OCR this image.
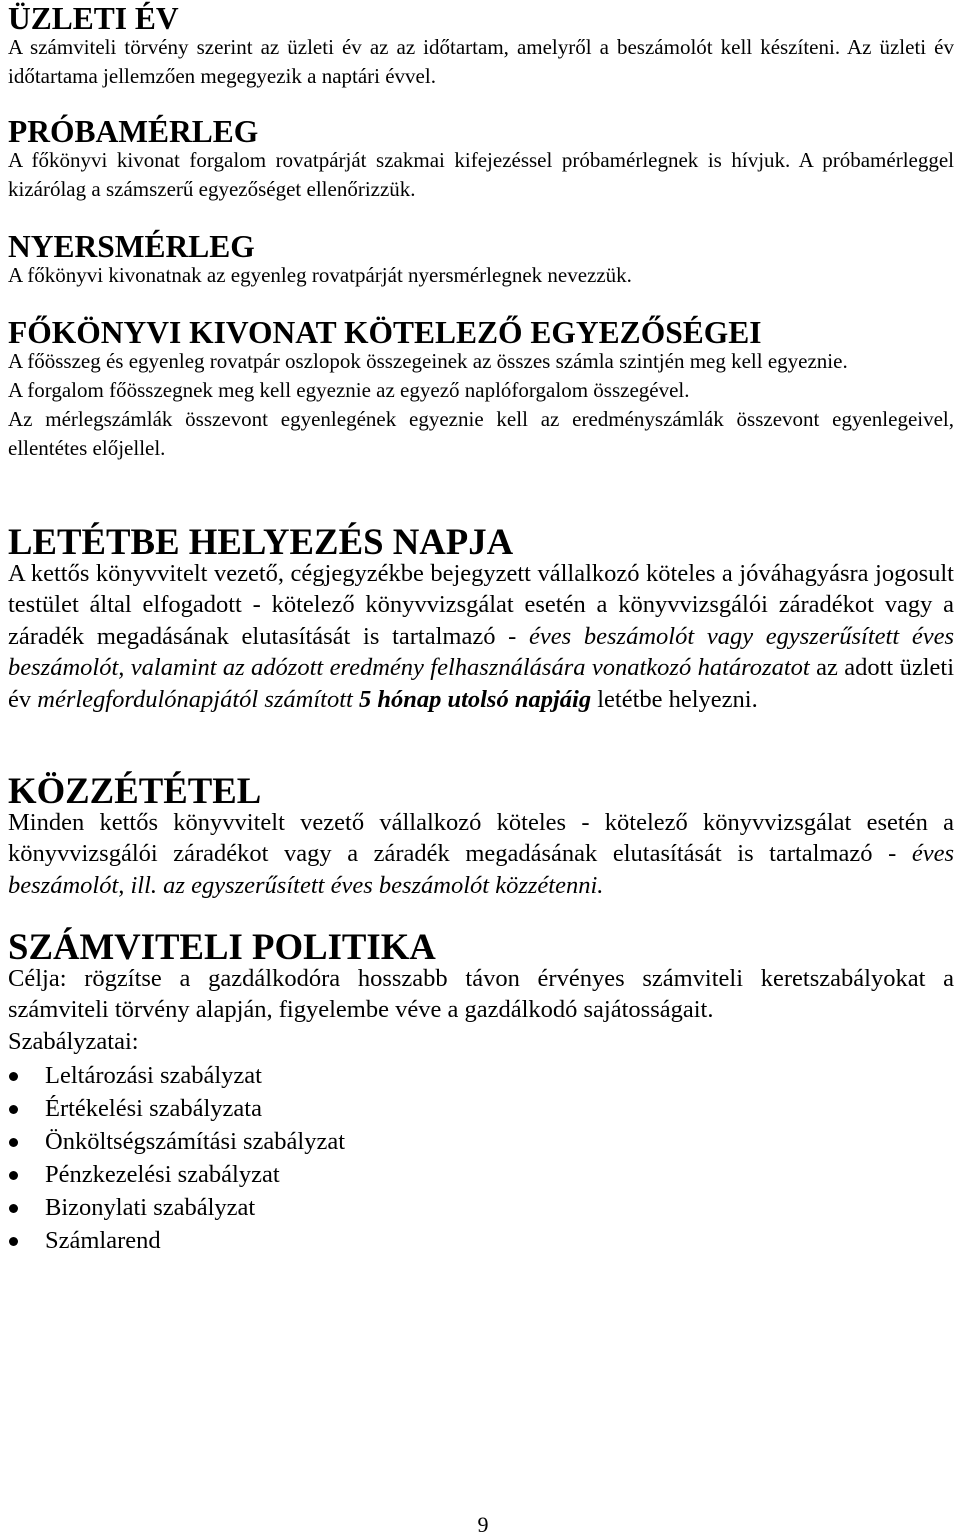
ÜZLETI ÉV

A számviteli törvény szerint az üzleti év az az időtartam, amelyről a beszámolót kell készíteni. Az üzleti év időtartama jellemzően megegyezik a naptári évvel.

PRÓBAMÉRLEG

A főkönyvi kivonat forgalom rovatpárját szakmai kifejezéssel próbamérlegnek is hívjuk. A próbamérleggel kizárólag a számszerű egyezőséget ellenőrizzük.

NYERSMÉRLEG

A főkönyvi kivonatnak az egyenleg rovatpárját nyersmérlegnek nevezzük.

FŐKÖNYVI KIVONAT KÖTELEZŐ EGYEZŐSÉGEI

A főösszeg és egyenleg rovatpár oszlopok összegeinek az összes számla szintjén meg kell egyeznie.

A forgalom főösszegnek meg kell egyeznie az egyező naplóforgalom összegével.

Az mérlegszámlák összevont egyenlegének egyeznie kell az eredményszámlák összevont egyenlegeivel, ellentétes előjellel.

LETÉTBE HELYEZÉS NAPJA

A kettős könyvvitelt vezető, cégjegyzékbe bejegyzett vállalkozó köteles a jóváhagyásra jogosult testület által elfogadott - kötelező könyvvizsgálat esetén a könyvvizsgálói záradékot vagy a záradék megadásának elutasítását is tartalmazó - éves beszámolót vagy egyszerűsített éves beszámolót, valamint az adózott eredmény felhasználására vonatkozó határozatot az adott üzleti év mérlegfordulónapjától számított 5 hónap utolsó napjáig letétbe helyezni.

KÖZZÉTÉTEL

Minden kettős könyvvitelt vezető vállalkozó köteles - kötelező könyvvizsgálat esetén a könyvvizsgálói záradékot vagy a záradék megadásának elutasítását is tartalmazó - éves beszámolót, ill. az egyszerűsített éves beszámolót közzétenni.

SZÁMVITELI POLITIKA

Célja: rögzítse a gazdálkodóra hosszabb távon érvényes számviteli keretszabályokat a számviteli törvény alapján, figyelembe véve a gazdálkodó sajátosságait.

Szabályzatai:

Leltározási szabályzat
Értékelési szabályzata
Önköltségszámítási szabályzat
Pénzkezelési szabályzat
Bizonylati szabályzat
Számlarend
9
